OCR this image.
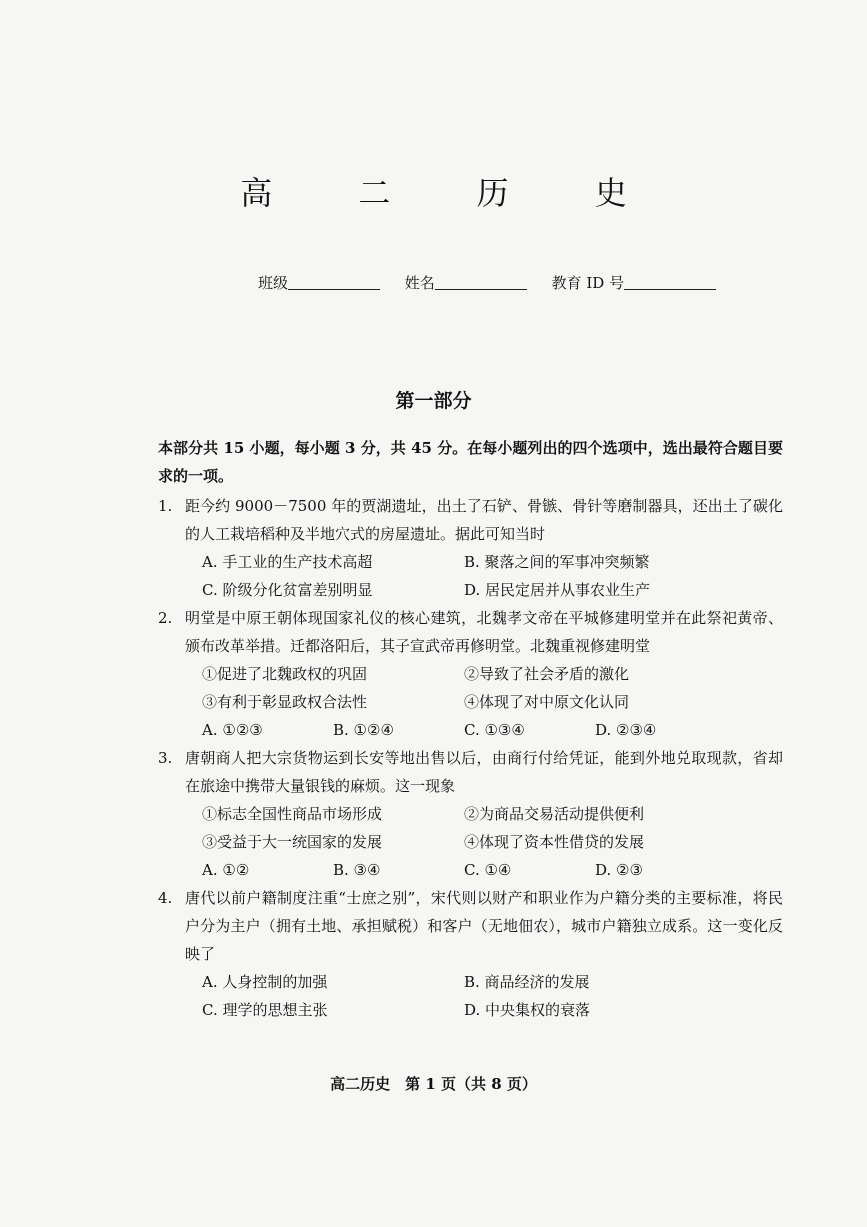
高 二 历 史
班级	姓名	教育 ID 号
第一部分
本部分共 15 小题，每小题 3 分，共 45 分。在每小题列出的四个选项中，选出最符合题目要求的一项。
1. 距今约 9000－7500 年的贾湖遗址，出土了石铲、骨镞、骨针等磨制器具，还出土了碳化的人工栽培稻种及半地穴式的房屋遗址。据此可知当时
A. 手工业的生产技术高超	B. 聚落之间的军事冲突频繁
C. 阶级分化贫富差别明显	D. 居民定居并从事农业生产
2. 明堂是中原王朝体现国家礼仪的核心建筑，北魏孝文帝在平城修建明堂并在此祭祀黄帝、颁布改革举措。迁都洛阳后，其子宣武帝再修明堂。北魏重视修建明堂
①促进了北魏政权的巩固	②导致了社会矛盾的激化
③有利于彰显政权合法性	④体现了对中原文化认同
A. ①②③	B. ①②④	C. ①③④	D. ②③④
3. 唐朝商人把大宗货物运到长安等地出售以后，由商行付给凭证，能到外地兑取现款，省却在旅途中携带大量银钱的麻烦。这一现象
①标志全国性商品市场形成	②为商品交易活动提供便利
③受益于大一统国家的发展	④体现了资本性借贷的发展
A. ①②	B. ③④	C. ①④	D. ②③
4. 唐代以前户籍制度注重“士庶之别”，宋代则以财产和职业作为户籍分类的主要标准，将民户分为主户（拥有土地、承担赋税）和客户（无地佃农），城市户籍独立成系。这一变化反映了
A. 人身控制的加强	B. 商品经济的发展
C. 理学的思想主张	D. 中央集权的衰落
高二历史　第 1 页（共 8 页）
